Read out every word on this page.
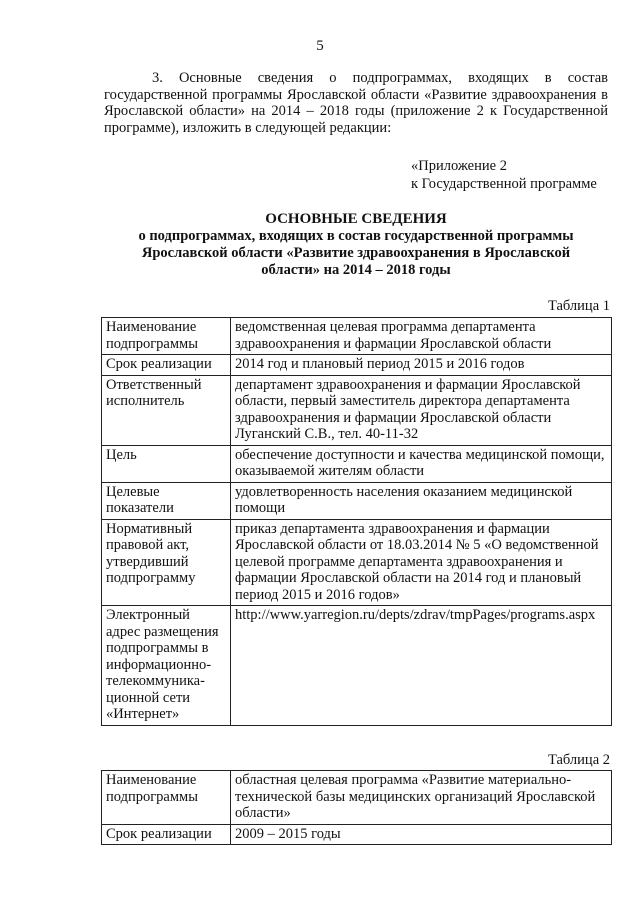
5

3. Основные сведения о подпрограммах, входящих в состав государственной программы Ярославской области «Развитие здравоохранения в Ярославской области» на 2014 – 2018 годы (приложение 2 к Государственной программе), изложить в следующей редакции:

«Приложение 2
к Государственной программе
ОСНОВНЫЕ СВЕДЕНИЯ
о подпрограммах, входящих в состав государственной программы Ярославской области «Развитие здравоохранения в Ярославской области» на 2014 – 2018 годы
Таблица 1
Наименование подпрограммы	ведомственная целевая программа департамента здравоохранения и фармации Ярославской области
Срок реализации	2014 год и плановый период 2015 и 2016 годов
Ответственный исполнитель	департамент здравоохранения и фармации Ярославской области, первый заместитель директора департамента здравоохранения и фармации Ярославской области Луганский С.В., тел. 40-11-32
Цель	обеспечение доступности и качества медицинской помощи, оказываемой жителям области
Целевые показатели	удовлетворенность населения оказанием медицинской помощи
Нормативный правовой акт, утвердивший подпрограмму	приказ департамента здравоохранения и фармации Ярославской области от 18.03.2014 № 5 «О ведомственной целевой программе департамента здравоохранения и фармации Ярославской области на 2014 год и плановый период 2015 и 2016 годов»
Электронный адрес размещения подпрограммы в информационно-телекоммуника-ционной сети «Интернет»	http://www.yarregion.ru/depts/zdrav/tmpPages/programs.aspx
Таблица 2
Наименование подпрограммы	областная целевая программа «Развитие материально-технической базы медицинских организаций Ярославской области»
Срок реализации	2009 – 2015 годы
